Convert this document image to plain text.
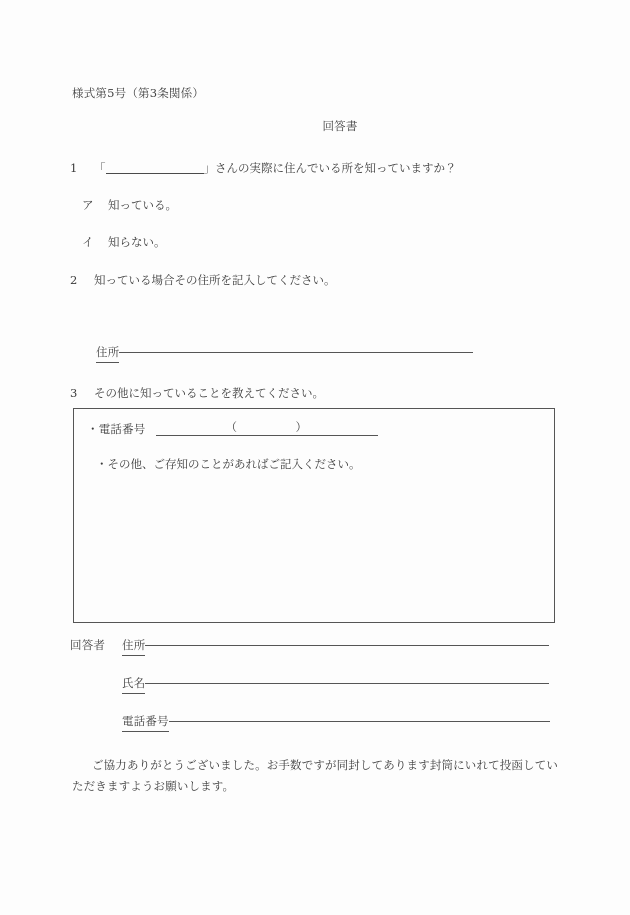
様式第5号（第3条関係）
回答書
1	「	」さんの実際に住んでいる所を知っていますか？
ア	知っている。
イ	知らない。
2	知っている場合その住所を記入してください。
住所
3	その他に知っていることを教えてください。
・電話番号	（	）
・その他、ご存知のことがあればご記入ください。
回答者	住所
氏名
電話番号
ご協力ありがとうございました。お手数ですが同封してあります封筒にいれて投函していただきますようお願いします。
